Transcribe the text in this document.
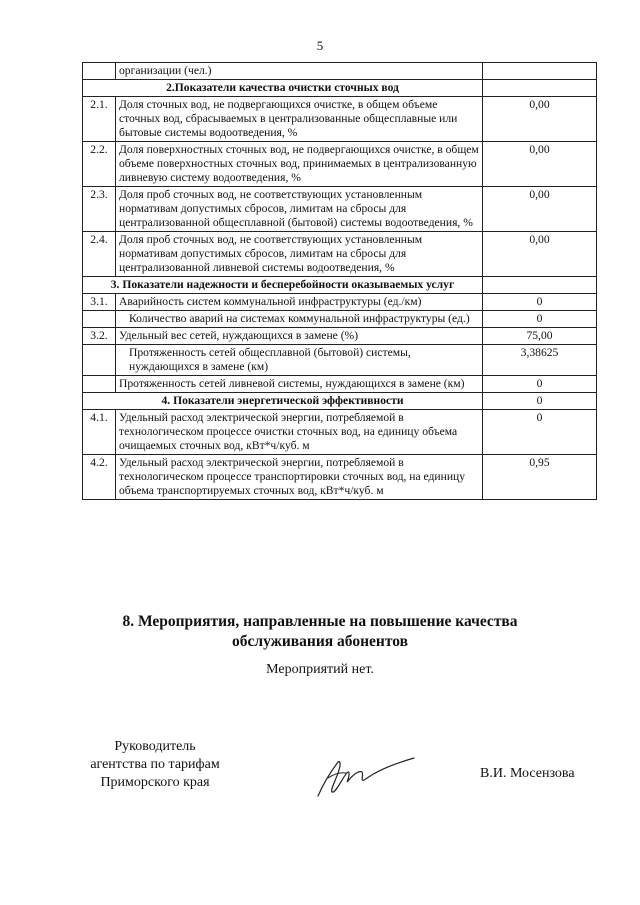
5
	организации (чел.)	
2.Показатели качества очистки сточных вод		
2.1.	Доля сточных вод, не подвергающихся очистке, в общем объеме сточных вод, сбрасываемых в централизованные общесплавные или бытовые системы водоотведения, %	0,00
2.2.	Доля поверхностных сточных вод, не подвергающихся очистке, в общем объеме поверхностных сточных вод, принимаемых в централизованную ливневую систему водоотведения, %	0,00
2.3.	Доля проб сточных вод, не соответствующих установленным нормативам допустимых сбросов, лимитам на сбросы для централизованной общесплавной (бытовой) системы водоотведения, %	0,00
2.4.	Доля проб сточных вод, не соответствующих установленным нормативам допустимых сбросов, лимитам на сбросы для централизованной ливневой системы водоотведения, %	0,00
3. Показатели надежности и бесперебойности оказываемых услуг		
3.1.	Аварийность систем коммунальной инфраструктуры (ед./км)	0

	Количество аварий на системах коммунальной инфраструктуры (ед.)	0
3.2.	Удельный вес сетей, нуждающихся в замене (%)	75,00

	Протяженность сетей общесплавной (бытовой) системы, нуждающихся в замене (км)	3,38625
	Протяженность сетей ливневой системы, нуждающихся в замене (км)	0
4. Показатели энергетической эффективности		0
4.1.	Удельный расход электрической энергии, потребляемой в технологическом процессе очистки сточных вод, на единицу объема очищаемых сточных вод, кВт*ч/куб. м	0
4.2.	Удельный расход электрической энергии, потребляемой в технологическом процессе транспортировки сточных вод, на единицу объема транспортируемых сточных вод, кВт*ч/куб. м	0,95
8. Мероприятия, направленные на повышение качества
обслуживания абонентов
Мероприятий нет.
Руководитель
агентства по тарифам
Приморского края
В.И. Мосензова
